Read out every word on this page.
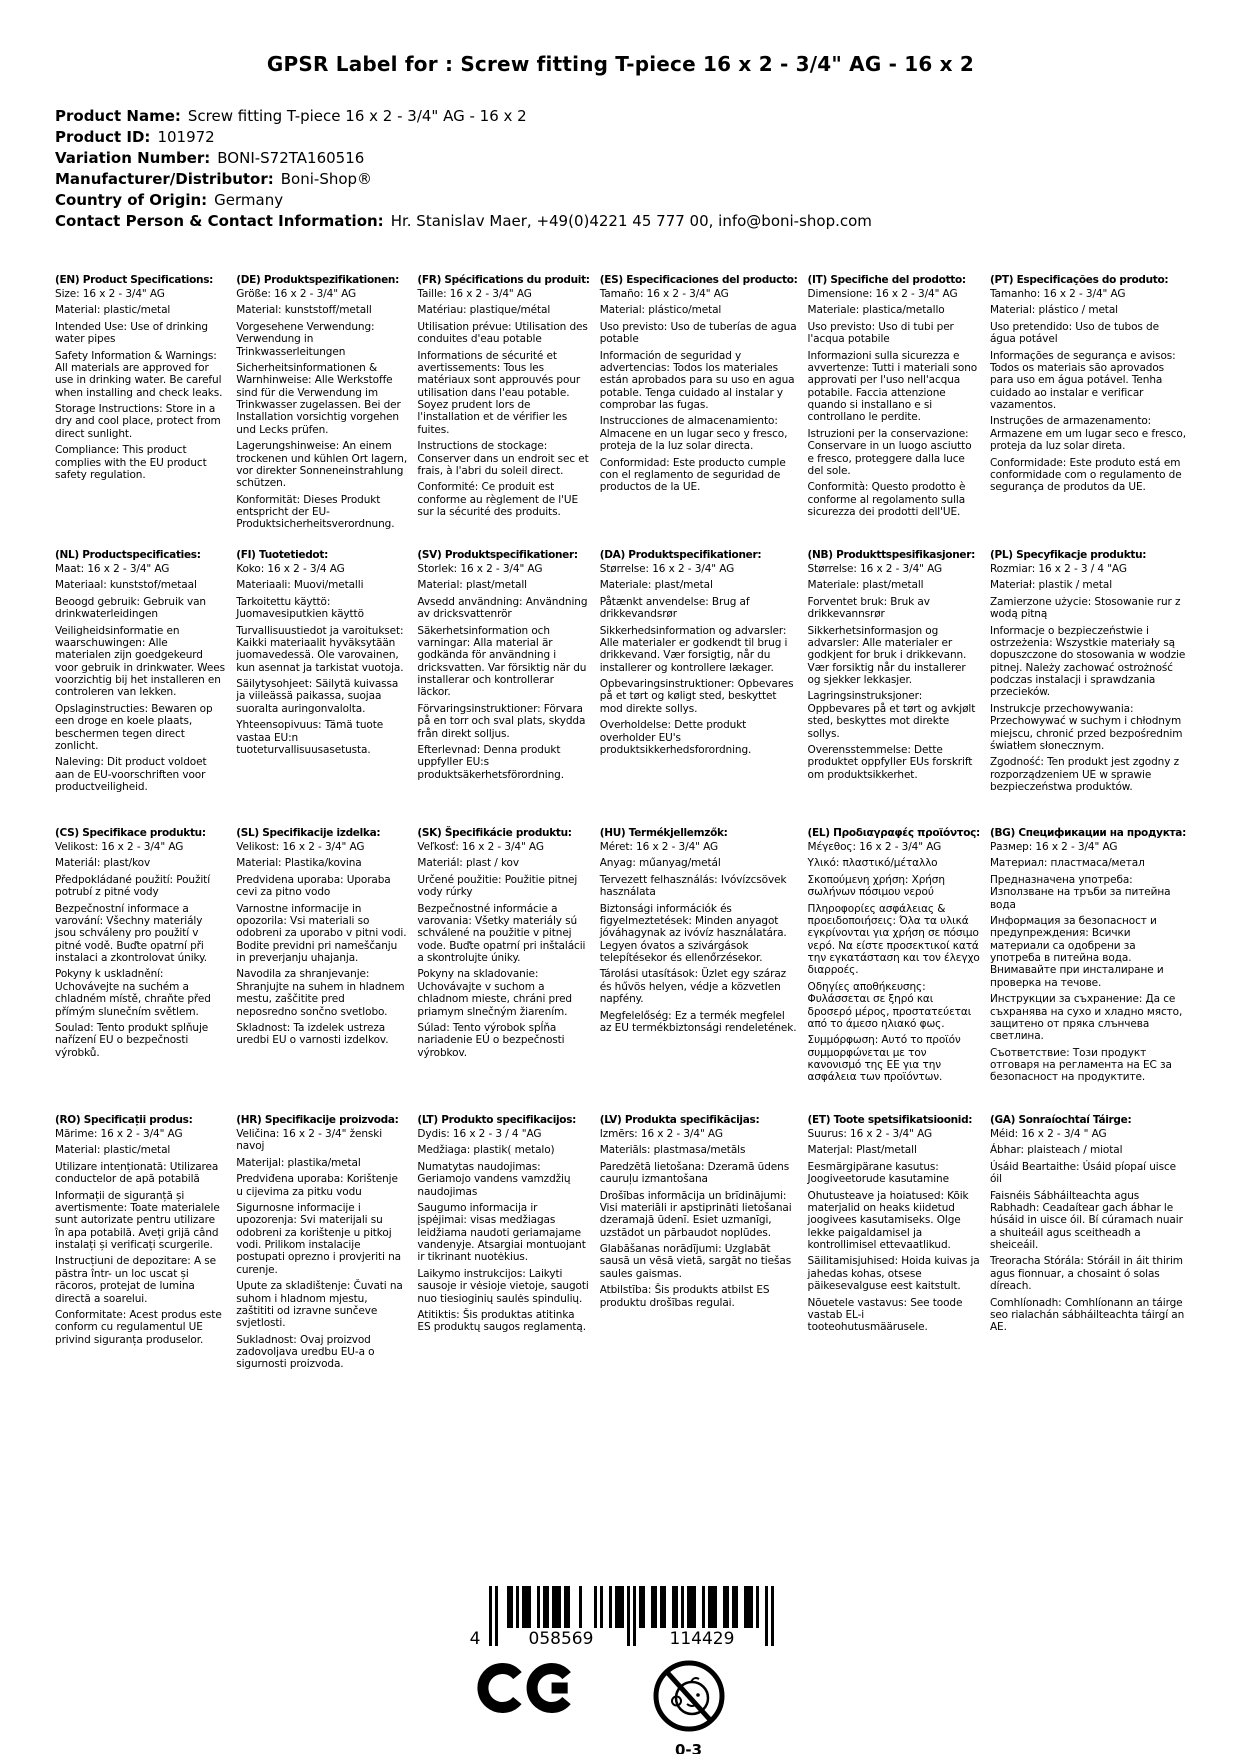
GPSR Label for : Screw fitting T-piece 16 x 2 - 3/4" AG - 16 x 2
Product Name: Screw fitting T-piece 16 x 2 - 3/4" AG - 16 x 2
Product ID: 101972
Variation Number: BONI-S72TA160516
Manufacturer/Distributor: Boni-Shop®
Country of Origin: Germany
Contact Person & Contact Information: Hr. Stanislav Maer, +49(0)4221 45 777 00, info@boni-shop.com
(EN) Product Specifications:

Size: 16 x 2 - 3/4" AG

Material: plastic/metal

Intended Use: Use of drinking water pipes

Safety Information & Warnings: All materials are approved for use in drinking water. Be careful when installing and check leaks.

Storage Instructions: Store in a dry and cool place, protect from direct sunlight.

Compliance: This product complies with the EU product safety regulation.

(DE) Produktspezifikationen:

Größe: 16 x 2 - 3/4" AG

Material: kunststoff/metall

Vorgesehene Verwendung: Verwendung in Trinkwasserleitungen

Sicherheitsinformationen & Warnhinweise: Alle Werkstoffe sind für die Verwendung im Trinkwasser zugelassen. Bei der Installation vorsichtig vorgehen und Lecks prüfen.

Lagerungshinweise: An einem trockenen und kühlen Ort lagern, vor direkter Sonneneinstrahlung schützen.

Konformität: Dieses Produkt entspricht der EU-Produktsicherheitsverordnung.

(FR) Spécifications du produit:

Taille: 16 x 2 - 3/4" AG

Matériau: plastique/métal

Utilisation prévue: Utilisation des conduites d'eau potable

Informations de sécurité et avertissements: Tous les matériaux sont approuvés pour utilisation dans l'eau potable. Soyez prudent lors de l'installation et de vérifier les fuites.

Instructions de stockage: Conserver dans un endroit sec et frais, à l'abri du soleil direct.

Conformité: Ce produit est conforme au règlement de l'UE sur la sécurité des produits.

(ES) Especificaciones del producto:

Tamaño: 16 x 2 - 3/4" AG

Material: plástico/metal

Uso previsto: Uso de tuberías de agua potable

Información de seguridad y advertencias: Todos los materiales están aprobados para su uso en agua potable. Tenga cuidado al instalar y comprobar las fugas.

Instrucciones de almacenamiento: Almacene en un lugar seco y fresco, proteja de la luz solar directa.

Conformidad: Este producto cumple con el reglamento de seguridad de productos de la UE.

(IT) Specifiche del prodotto:

Dimensione: 16 x 2 - 3/4" AG

Materiale: plastica/metallo

Uso previsto: Uso di tubi per l'acqua potabile

Informazioni sulla sicurezza e avvertenze: Tutti i materiali sono approvati per l'uso nell'acqua potabile. Faccia attenzione quando si installano e si controllano le perdite.

Istruzioni per la conservazione: Conservare in un luogo asciutto e fresco, proteggere dalla luce del sole.

Conformità: Questo prodotto è conforme al regolamento sulla sicurezza dei prodotti dell'UE.

(PT) Especificações do produto:

Tamanho: 16 x 2 - 3/4" AG

Material: plástico / metal

Uso pretendido: Uso de tubos de água potável

Informações de segurança e avisos: Todos os materiais são aprovados para uso em água potável. Tenha cuidado ao instalar e verificar vazamentos.

Instruções de armazenamento: Armazene em um lugar seco e fresco, proteja da luz solar direta.

Conformidade: Este produto está em conformidade com o regulamento de segurança de produtos da UE.

(NL) Productspecificaties:

Maat: 16 x 2 - 3/4" AG

Materiaal: kunststof/metaal

Beoogd gebruik: Gebruik van drinkwaterleidingen

Veiligheidsinformatie en waarschuwingen: Alle materialen zijn goedgekeurd voor gebruik in drinkwater. Wees voorzichtig bij het installeren en controleren van lekken.

Opslaginstructies: Bewaren op een droge en koele plaats, beschermen tegen direct zonlicht.

Naleving: Dit product voldoet aan de EU-voorschriften voor productveiligheid.

(FI) Tuotetiedot:

Koko: 16 x 2 - 3/4 AG

Materiaali: Muovi/metalli

Tarkoitettu käyttö: Juomavesiputkien käyttö

Turvallisuustiedot ja varoitukset: Kaikki materiaalit hyväksytään juomavedessä. Ole varovainen, kun asennat ja tarkistat vuotoja.

Säilytysohjeet: Säilytä kuivassa ja viileässä paikassa, suojaa suoralta auringonvalolta.

Yhteensopivuus: Tämä tuote vastaa EU:n tuoteturvallisuusasetusta.

(SV) Produktspecifikationer:

Storlek: 16 x 2 - 3/4" AG

Material: plast/metall

Avsedd användning: Användning av dricksvattenrör

Säkerhetsinformation och varningar: Alla material är godkända för användning i dricksvatten. Var försiktig när du installerar och kontrollerar läckor.

Förvaringsinstruktioner: Förvara på en torr och sval plats, skydda från direkt solljus.

Efterlevnad: Denna produkt uppfyller EU:s produktsäkerhetsförordning.

(DA) Produktspecifikationer:

Størrelse: 16 x 2 - 3/4" AG

Materiale: plast/metal

Påtænkt anvendelse: Brug af drikkevandsrør

Sikkerhedsinformation og advarsler: Alle materialer er godkendt til brug i drikkevand. Vær forsigtig, når du installerer og kontrollere lækager.

Opbevaringsinstruktioner: Opbevares på et tørt og køligt sted, beskyttet mod direkte sollys.

Overholdelse: Dette produkt overholder EU's produktsikkerhedsforordning.

(NB) Produkttspesifikasjoner:

Størrelse: 16 x 2 - 3/4" AG

Materiale: plast/metall

Forventet bruk: Bruk av drikkevannsrør

Sikkerhetsinformasjon og advarsler: Alle materialer er godkjent for bruk i drikkevann. Vær forsiktig når du installerer og sjekker lekkasjer.

Lagringsinstruksjoner: Oppbevares på et tørt og avkjølt sted, beskyttes mot direkte sollys.

Overensstemmelse: Dette produktet oppfyller EUs forskrift om produktsikkerhet.

(PL) Specyfikacje produktu:

Rozmiar: 16 x 2 - 3 / 4 "AG

Materiał: plastik / metal

Zamierzone użycie: Stosowanie rur z wodą pitną

Informacje o bezpieczeństwie i ostrzeżenia: Wszystkie materiały są dopuszczone do stosowania w wodzie pitnej. Należy zachować ostrożność podczas instalacji i sprawdzania przecieków.

Instrukcje przechowywania: Przechowywać w suchym i chłodnym miejscu, chronić przed bezpośrednim światłem słonecznym.

Zgodność: Ten produkt jest zgodny z rozporządzeniem UE w sprawie bezpieczeństwa produktów.

(CS) Specifikace produktu:

Velikost: 16 x 2 - 3/4" AG

Materiál: plast/kov

Předpokládané použití: Použití potrubí z pitné vody

Bezpečnostní informace a varování: Všechny materiály jsou schváleny pro použití v pitné vodě. Buďte opatrní při instalaci a zkontrolovat úniky.

Pokyny k uskladnění: Uchovávejte na suchém a chladném místě, chraňte před přímým slunečním světlem.

Soulad: Tento produkt splňuje nařízení EU o bezpečnosti výrobků.

(SL) Specifikacije izdelka:

Velikost: 16 x 2 - 3/4" AG

Material: Plastika/kovina

Predvidena uporaba: Uporaba cevi za pitno vodo

Varnostne informacije in opozorila: Vsi materiali so odobreni za uporabo v pitni vodi. Bodite previdni pri nameščanju in preverjanju uhajanja.

Navodila za shranjevanje: Shranjujte na suhem in hladnem mestu, zaščitite pred neposredno sončno svetlobo.

Skladnost: Ta izdelek ustreza uredbi EU o varnosti izdelkov.

(SK) Špecifikácie produktu:

Veľkosť: 16 x 2 - 3/4" AG

Materiál: plast / kov

Určené použitie: Použitie pitnej vody rúrky

Bezpečnostné informácie a varovania: Všetky materiály sú schválené na použitie v pitnej vode. Buďte opatrní pri inštalácii a skontrolujte úniky.

Pokyny na skladovanie: Uchovávajte v suchom a chladnom mieste, chráni pred priamym slnečným žiarením.

Súlad: Tento výrobok spĺňa nariadenie EÚ o bezpečnosti výrobkov.

(HU) Termékjellemzők:

Méret: 16 x 2 - 3/4" AG

Anyag: műanyag/metál

Tervezett felhasználás: Ivóvízcsövek használata

Biztonsági információk és figyelmeztetések: Minden anyagot jóváhagynak az ivóvíz használatára. Legyen óvatos a szivárgások telepítésekor és ellenőrzésekor.

Tárolási utasítások: Üzlet egy száraz és hűvös helyen, védje a közvetlen napfény.

Megfelelőség: Ez a termék megfelel az EU termékbiztonsági rendeletének.

(EL) Προδιαγραφές προϊόντος:

Μέγεθος: 16 x 2 - 3/4" AG

Υλικό: πλαστικό/μέταλλο

Σκοπούμενη χρήση: Χρήση σωλήνων πόσιμου νερού

Πληροφορίες ασφάλειας & προειδοποιήσεις: Όλα τα υλικά εγκρίνονται για χρήση σε πόσιμο νερό. Να είστε προσεκτικοί κατά την εγκατάσταση και τον έλεγχο διαρροές.

Οδηγίες αποθήκευσης: Φυλάσσεται σε ξηρό και δροσερό μέρος, προστατεύεται από το άμεσο ηλιακό φως.

Συμμόρφωση: Αυτό το προϊόν συμμορφώνεται με τον κανονισμό της ΕΕ για την ασφάλεια των προϊόντων.

(BG) Спецификации на продукта:

Размер: 16 x 2 - 3/4" AG

Материал: пластмаса/метал

Предназначена употреба: Използване на тръби за питейна вода

Информация за безопасност и предупреждения: Всички материали са одобрени за употреба в питейна вода. Внимавайте при инсталиране и проверка на течове.

Инструкции за съхранение: Да се съхранява на сухо и хладно място, защитено от пряка слънчева светлина.

Съответствие: Този продукт отговаря на регламента на ЕС за безопасност на продуктите.

(RO) Specificații produs:

Mărime: 16 x 2 - 3/4" AG

Material: plastic/metal

Utilizare intenționată: Utilizarea conductelor de apă potabilă

Informații de siguranță și avertismente: Toate materialele sunt autorizate pentru utilizare în apa potabilă. Aveți grijă când instalați și verificați scurgerile.

Instrucțiuni de depozitare: A se păstra într- un loc uscat și răcoros, protejat de lumina directă a soarelui.

Conformitate: Acest produs este conform cu regulamentul UE privind siguranța produselor.

(HR) Specifikacije proizvoda:

Veličina: 16 x 2 - 3/4" ženski navoj

Materijal: plastika/metal

Predviđena uporaba: Korištenje u cijevima za pitku vodu

Sigurnosne informacije i upozorenja: Svi materijali su odobreni za korištenje u pitkoj vodi. Prilikom instalacije postupati oprezno i provjeriti na curenje.

Upute za skladištenje: Čuvati na suhom i hladnom mjestu, zaštititi od izravne sunčeve svjetlosti.

Sukladnost: Ovaj proizvod zadovoljava uredbu EU-a o sigurnosti proizvoda.

(LT) Produkto specifikacijos:

Dydis: 16 x 2 - 3 / 4 "AG

Medžiaga: plastik( metalo)

Numatytas naudojimas: Geriamojo vandens vamzdžių naudojimas

Saugumo informacija ir įspėjimai: visas medžiagas leidžiama naudoti geriamajame vandenyje. Atsargiai montuojant ir tikrinant nuotėkius.

Laikymo instrukcijos: Laikyti sausoje ir vėsioje vietoje, saugoti nuo tiesioginių saulės spindulių.

Atitiktis: Šis produktas atitinka ES produktų saugos reglamentą.

(LV) Produkta specifikācijas:

Izmērs: 16 x 2 - 3/4" AG

Materiāls: plastmasa/metāls

Paredzētā lietošana: Dzeramā ūdens cauruļu izmantošana

Drošības informācija un brīdinājumi: Visi materiāli ir apstiprināti lietošanai dzeramajā ūdenī. Esiet uzmanīgi, uzstādot un pārbaudot noplūdes.

Glabāšanas norādījumi: Uzglabāt sausā un vēsā vietā, sargāt no tiešas saules gaismas.

Atbilstība: Šis produkts atbilst ES produktu drošības regulai.

(ET) Toote spetsifikatsioonid:

Suurus: 16 x 2 - 3/4" AG

Materjal: Plast/metall

Eesmärgipärane kasutus: Joogiveetorude kasutamine

Ohutusteave ja hoiatused: Kõik materjalid on heaks kiidetud joogivees kasutamiseks. Olge lekke paigaldamisel ja kontrollimisel ettevaatlikud.

Säilitamisjuhised: Hoida kuivas ja jahedas kohas, otsese päikesevalguse eest kaitstult.

Nõuetele vastavus: See toode vastab EL-i tooteohutusmäärusele.

(GA) Sonraíochtaí Táirge:

Méid: 16 x 2 - 3/4 " AG

Ábhar: plaisteach / miotal

Úsáid Beartaithe: Úsáid píopaí uisce óil

Faisnéis Sábháilteachta agus Rabhadh: Ceadaítear gach ábhar le húsáid in uisce óil. Bí cúramach nuair a shuiteáil agus sceitheadh a sheiceáil.

Treoracha Stórála: Stóráil in áit thirim agus fionnuar, a chosaint ó solas díreach.

Comhlíonadh: Comhlíonann an táirge seo rialachán sábháilteachta táirgí an AE.

4	058569	114429
0-3
